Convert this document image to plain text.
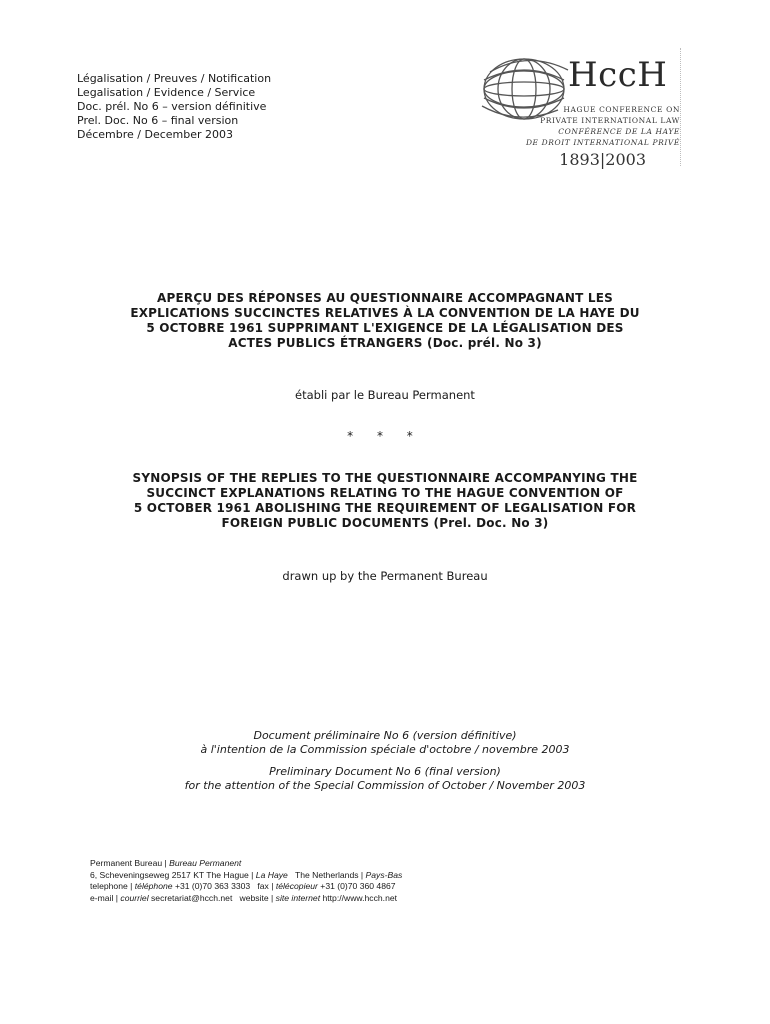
Légalisation / Preuves / Notification
Legalisation / Evidence / Service
Doc. prél. No 6 – version définitive
Prel. Doc. No 6 – final version
Décembre / December 2003
HccH
HAGUE CONFERENCE ON
PRIVATE INTERNATIONAL LAW
CONFÉRENCE DE LA HAYE
DE DROIT INTERNATIONAL PRIVÉ
1893|2003
APERÇU DES RÉPONSES AU QUESTIONNAIRE ACCOMPAGNANT LES
EXPLICATIONS SUCCINCTES RELATIVES À LA CONVENTION DE LA HAYE DU
5 OCTOBRE 1961 SUPPRIMANT L'EXIGENCE DE LA LÉGALISATION DES
ACTES PUBLICS ÉTRANGERS (Doc. prél. No 3)
établi par le Bureau Permanent
* * *
SYNOPSIS OF THE REPLIES TO THE QUESTIONNAIRE ACCOMPANYING THE
SUCCINCT EXPLANATIONS RELATING TO THE HAGUE CONVENTION OF
5 OCTOBER 1961 ABOLISHING THE REQUIREMENT OF LEGALISATION FOR
FOREIGN PUBLIC DOCUMENTS (Prel. Doc. No 3)
drawn up by the Permanent Bureau
Document préliminaire No 6 (version définitive)
à l'intention de la Commission spéciale d'octobre / novembre 2003
Preliminary Document No 6 (final version)
for the attention of the Special Commission of October / November 2003
Permanent Bureau | Bureau Permanent
6, Scheveningseweg 2517 KT The Hague | La Haye The Netherlands | Pays-Bas
telephone | téléphone +31 (0)70 363 3303 fax | télécopieur +31 (0)70 360 4867
e-mail | courriel secretariat@hcch.net website | site internet http://www.hcch.net
